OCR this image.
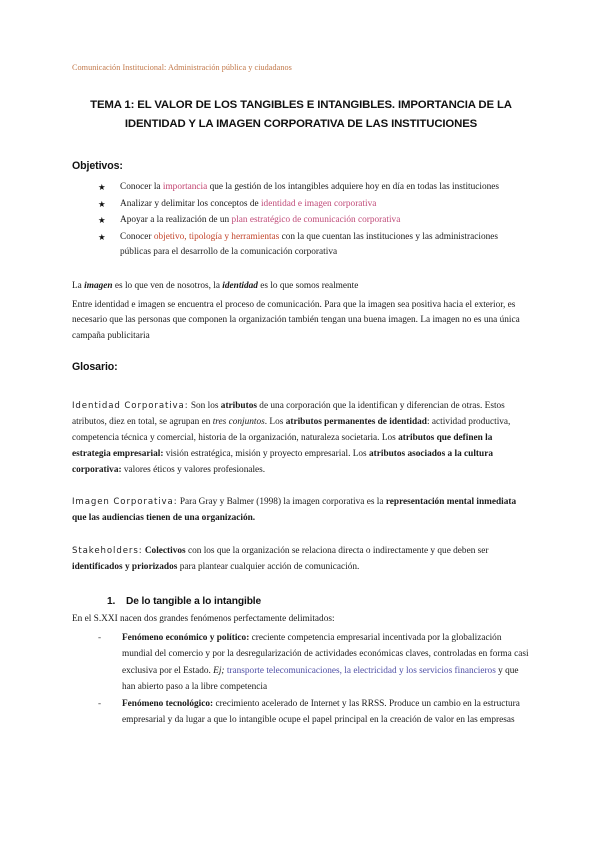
Comunicación Institucional: Administración pública y ciudadanos
TEMA 1: EL VALOR DE LOS TANGIBLES E INTANGIBLES. IMPORTANCIA DE LA IDENTIDAD Y LA IMAGEN CORPORATIVA DE LAS INSTITUCIONES
Objetivos:
★ Conocer la importancia que la gestión de los intangibles adquiere hoy en día en todas las instituciones
★ Analizar y delimitar los conceptos de identidad e imagen corporativa
★ Apoyar a la realización de un plan estratégico de comunicación corporativa
★ Conocer objetivo, tipología y herramientas con la que cuentan las instituciones y las administraciones públicas para el desarrollo de la comunicación corporativa

La imagen es lo que ven de nosotros, la identidad es lo que somos realmente

Entre identidad e imagen se encuentra el proceso de comunicación. Para que la imagen sea positiva hacia el exterior, es necesario que las personas que componen la organización también tengan una buena imagen. La imagen no es una única campaña publicitaria

Glosario:
Identidad Corporativa: Son los atributos de una corporación que la identifican y diferencian de otras. Estos atributos, diez en total, se agrupan en tres conjuntos. Los atributos permanentes de identidad: actividad productiva, competencia técnica y comercial, historia de la organización, naturaleza societaria. Los atributos que definen la estrategia empresarial: visión estratégica, misión y proyecto empresarial. Los atributos asociados a la cultura corporativa: valores éticos y valores profesionales.
Imagen Corporativa: Para Gray y Balmer (1998) la imagen corporativa es la representación mental inmediata que las audiencias tienen de una organización.
Stakeholders: Colectivos con los que la organización se relaciona directa o indirectamente y que deben ser identificados y priorizados para plantear cualquier acción de comunicación.
1. De lo tangible a lo intangible

En el S.XXI nacen dos grandes fenómenos perfectamente delimitados:

- Fenómeno económico y político: creciente competencia empresarial incentivada por la globalización mundial del comercio y por la desregularización de actividades económicas claves, controladas en forma casi exclusiva por el Estado. Ej; transporte telecomunicaciones, la electricidad y los servicios financieros y que han abierto paso a la libre competencia
- Fenómeno tecnológico: crecimiento acelerado de Internet y las RRSS. Produce un cambio en la estructura empresarial y da lugar a que lo intangible ocupe el papel principal en la creación de valor en las empresas
